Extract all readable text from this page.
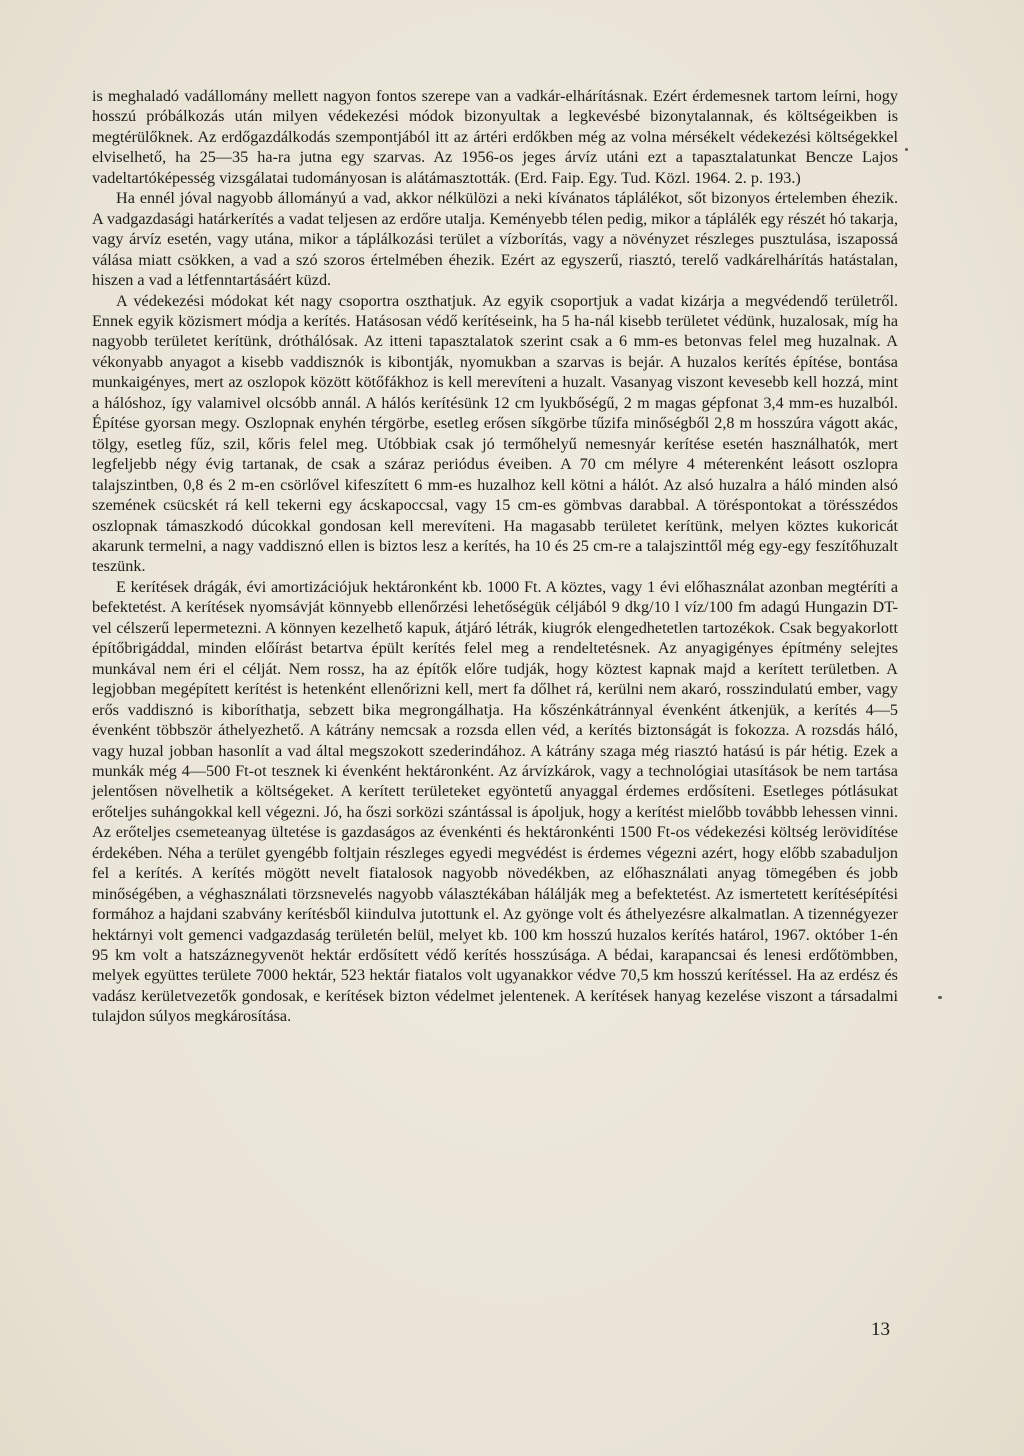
is meghaladó vadállomány mellett nagyon fontos szerepe van a vadkár-elhárításnak. Ezért érdemesnek tartom leírni, hogy hosszú próbálkozás után milyen védekezési módok bizonyultak a legkevésbé bizonytalannak, és költségeikben is megtérülőknek. Az erdőgazdálkodás szempontjából itt az ártéri erdőkben még az volna mérsékelt védekezési költségekkel elviselhető, ha 25—35 ha-ra jutna egy szarvas. Az 1956-os jeges árvíz utáni ezt a tapasztalatunkat Bencze Lajos vadeltartóképesség vizsgálatai tudományosan is alátámasztották. (Erd. Faip. Egy. Tud. Közl. 1964. 2. p. 193.)

Ha ennél jóval nagyobb állományú a vad, akkor nélkülözi a neki kívánatos táplálékot, sőt bizonyos értelemben éhezik. A vadgazdasági határkerítés a vadat teljesen az erdőre utalja. Keményebb télen pedig, mikor a táplálék egy részét hó takarja, vagy árvíz esetén, vagy utána, mikor a táplálkozási terület a vízborítás, vagy a növényzet részleges pusztulása, iszapossá válása miatt csökken, a vad a szó szoros értelmében éhezik. Ezért az egyszerű, riasztó, terelő vadkárelhárítás hatástalan, hiszen a vad a létfenntartásáért küzd.

A védekezési módokat két nagy csoportra oszthatjuk. Az egyik csoportjuk a vadat kizárja a megvédendő területről. Ennek egyik közismert módja a kerítés. Hatásosan védő kerítéseink, ha 5 ha-nál kisebb területet védünk, huzalosak, míg ha nagyobb területet kerítünk, dróthálósak. Az itteni tapasztalatok szerint csak a 6 mm-es betonvas felel meg huzalnak. A vékonyabb anyagot a kisebb vaddisznók is kibontják, nyomukban a szarvas is bejár. A huzalos kerítés építése, bontása munkaigényes, mert az oszlopok között kötőfákhoz is kell merevíteni a huzalt. Vasanyag viszont kevesebb kell hozzá, mint a hálóshoz, így valamivel olcsóbb annál. A hálós kerítésünk 12 cm lyukbőségű, 2 m magas gépfonat 3,4 mm-es huzalból. Építése gyorsan megy. Oszlopnak enyhén térgörbe, esetleg erősen síkgörbe tűzifa minőségből 2,8 m hosszúra vágott akác, tölgy, esetleg fűz, szil, kőris felel meg. Utóbbiak csak jó termőhelyű nemesnyár kerítése esetén használhatók, mert legfeljebb négy évig tartanak, de csak a száraz periódus éveiben. A 70 cm mélyre 4 méterenként leásott oszlopra talajszintben, 0,8 és 2 m-en csörlővel kifeszített 6 mm-es huzalhoz kell kötni a hálót. Az alsó huzalra a háló minden alsó szemének csücskét rá kell tekerni egy ácskapoccsal, vagy 15 cm-es gömbvas darabbal. A töréspontokat a törésszédos oszlopnak támaszkodó dúcokkal gondosan kell merevíteni. Ha magasabb területet kerítünk, melyen köztes kukoricát akarunk termelni, a nagy vaddisznó ellen is biztos lesz a kerítés, ha 10 és 25 cm-re a talajszinttől még egy-egy feszítőhuzalt teszünk.

E kerítések drágák, évi amortizációjuk hektáronként kb. 1000 Ft. A köztes, vagy 1 évi előhasználat azonban megtéríti a befektetést. A kerítések nyomsávját könnyebb ellenőrzési lehetőségük céljából 9 dkg/10 l víz/100 fm adagú Hungazin DT-vel célszerű lepermetezni. A könnyen kezelhető kapuk, átjáró létrák, kiugrók elengedhetetlen tartozékok. Csak begyakorlott építőbrigáddal, minden előírást betartva épült kerítés felel meg a rendeltetésnek. Az anyagigényes építmény selejtes munkával nem éri el célját. Nem rossz, ha az építők előre tudják, hogy köztest kapnak majd a kerített területben. A legjobban megépített kerítést is hetenként ellenőrizni kell, mert fa dőlhet rá, kerülni nem akaró, rosszindulatú ember, vagy erős vaddisznó is kiboríthatja, sebzett bika megrongálhatja. Ha kőszénkátránnyal évenként átkenjük, a kerítés 4—5 évenként többször áthelyezhető. A kátrány nemcsak a rozsda ellen véd, a kerítés biztonságát is fokozza. A rozsdás háló, vagy huzal jobban hasonlít a vad által megszokott szederindához. A kátrány szaga még riasztó hatású is pár hétig. Ezek a munkák még 4—500 Ft-ot tesznek ki évenként hektáronként. Az árvízkárok, vagy a technológiai utasítások be nem tartása jelentősen növelhetik a költségeket. A kerített területeket egyöntetű anyaggal érdemes erdősíteni. Esetleges pótlásukat erőteljes suhángokkal kell végezni. Jó, ha őszi sorközi szántással is ápoljuk, hogy a kerítést mielőbb továbbb lehessen vinni. Az erőteljes csemeteanyag ültetése is gazdaságos az évenkénti és hektáronkénti 1500 Ft-os védekezési költség lerövidítése érdekében. Néha a terület gyengébb foltjain részleges egyedi megvédést is érdemes végezni azért, hogy előbb szabaduljon fel a kerítés. A kerítés mögött nevelt fiatalosok nagyobb növedékben, az előhasználati anyag tömegében és jobb minőségében, a véghasználati törzsnevelés nagyobb választékában hálálják meg a befektetést. Az ismertetett kerítésépítési formához a hajdani szabvány kerítésből kiindulva jutottunk el. Az gyönge volt és áthelyezésre alkalmatlan. A tizennégyezer hektárnyi volt gemenci vadgazdaság területén belül, melyet kb. 100 km hosszú huzalos kerítés határol, 1967. október 1-én 95 km volt a hatszáznegyvenöt hektár erdősített védő kerítés hosszúsága. A bédai, karapancsai és lenesi erdőtömbben, melyek együttes területe 7000 hektár, 523 hektár fiatalos volt ugyanakkor védve 70,5 km hosszú kerítéssel. Ha az erdész és vadász kerületvezetők gondosak, e kerítések bizton védelmet jelentenek. A kerítések hanyag kezelése viszont a társadalmi tulajdon súlyos megkárosítása.

13
